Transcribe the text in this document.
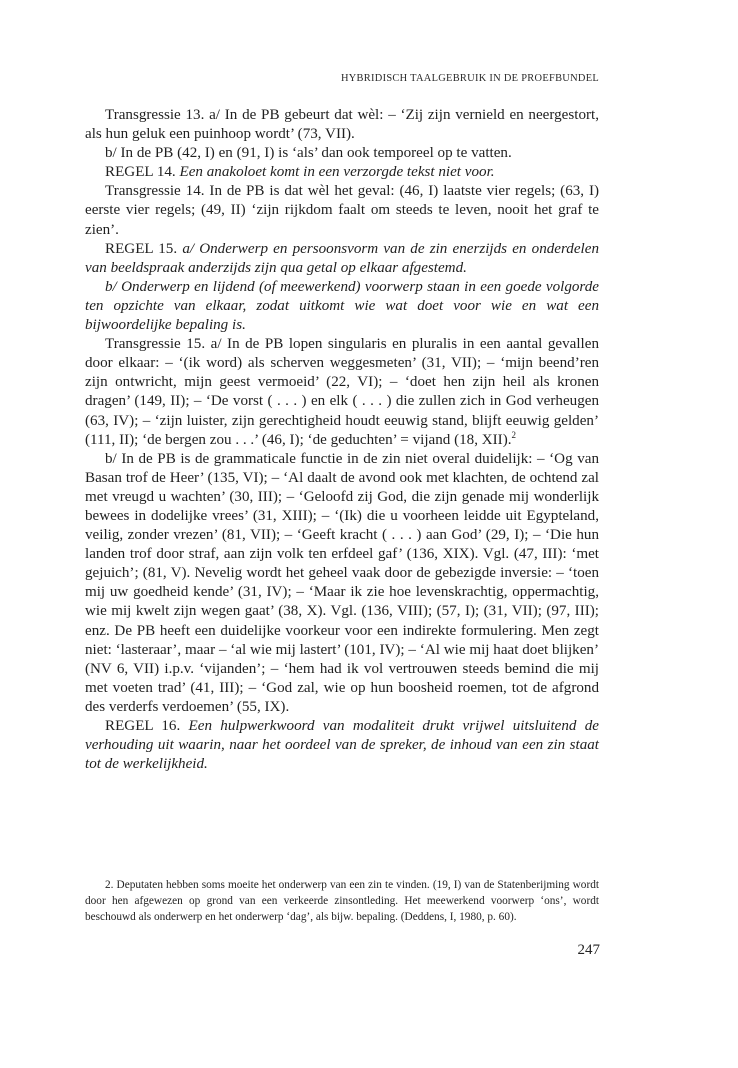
HYBRIDISCH TAALGEBRUIK IN DE PROEFBUNDEL

Transgressie 13. a/ In de PB gebeurt dat wèl: – ‘Zij zijn vernield en neergestort, als hun geluk een puinhoop wordt’ (73, VII).

b/ In de PB (42, I) en (91, I) is ‘als’ dan ook temporeel op te vatten.

REGEL 14. Een anakoloet komt in een verzorgde tekst niet voor.

Transgressie 14. In de PB is dat wèl het geval: (46, I) laatste vier regels; (63, I) eerste vier regels; (49, II) ‘zijn rijkdom faalt om steeds te leven, nooit het graf te zien’.

REGEL 15. a/ Onderwerp en persoonsvorm van de zin enerzijds en onderdelen van beeldspraak anderzijds zijn qua getal op elkaar afgestemd.

b/ Onderwerp en lijdend (of meewerkend) voorwerp staan in een goede volgorde ten opzichte van elkaar, zodat uitkomt wie wat doet voor wie en wat een bijwoordelijke bepaling is.

Transgressie 15. a/ In de PB lopen singularis en pluralis in een aantal gevallen door elkaar: – ‘(ik word) als scherven weggesmeten’ (31, VII); – ‘mijn beend’ren zijn ontwricht, mijn geest vermoeid’ (22, VI); – ‘doet hen zijn heil als kronen dragen’ (149, II); – ‘De vorst ( . . . ) en elk ( . . . ) die zullen zich in God verheugen (63, IV); – ‘zijn luister, zijn gerechtigheid houdt eeuwig stand, blijft eeuwig gelden’ (111, II); ‘de bergen zou . . .’ (46, I); ‘de geduchten’ = vijand (18, XII).$^2$

b/ In de PB is de grammaticale functie in de zin niet overal duidelijk: – ‘Og van Basan trof de Heer’ (135, VI); – ‘Al daalt de avond ook met klachten, de ochtend zal met vreugd u wachten’ (30, III); – ‘Geloofd zij God, die zijn genade mij wonderlijk bewees in dodelijke vrees’ (31, XIII); – ‘(Ik) die u voorheen leidde uit Egypteland, veilig, zonder vrezen’ (81, VII); – ‘Geeft kracht ( . . . ) aan God’ (29, I); – ‘Die hun landen trof door straf, aan zijn volk ten erfdeel gaf’ (136, XIX). Vgl. (47, III): ‘met gejuich’; (81, V). Nevelig wordt het geheel vaak door de gebezigde inversie: – ‘toen mij uw goedheid kende’ (31, IV); – ‘Maar ik zie hoe levenskrachtig, oppermachtig, wie mij kwelt zijn wegen gaat’ (38, X). Vgl. (136, VIII); (57, I); (31, VII); (97, III); enz. De PB heeft een duidelijke voorkeur voor een indirekte formulering. Men zegt niet: ‘lasteraar’, maar – ‘al wie mij lastert’ (101, IV); – ‘Al wie mij haat doet blijken’ (NV 6, VII) i.p.v. ‘vijanden’; – ‘hem had ik vol vertrouwen steeds bemind die mij met voeten trad’ (41, III); – ‘God zal, wie op hun boosheid roemen, tot de afgrond des verderfs verdoemen’ (55, IX).

REGEL 16. Een hulpwerkwoord van modaliteit drukt vrijwel uitsluitend de verhouding uit waarin, naar het oordeel van de spreker, de inhoud van een zin staat tot de werkelijkheid.

2. Deputaten hebben soms moeite het onderwerp van een zin te vinden. (19, I) van de Statenberijming wordt door hen afgewezen op grond van een verkeerde zinsontleding. Het meewerkend voorwerp ‘ons’, wordt beschouwd als onderwerp en het onderwerp ‘dag’, als bijw. bepaling. (Deddens, I, 1980, p. 60).

247
